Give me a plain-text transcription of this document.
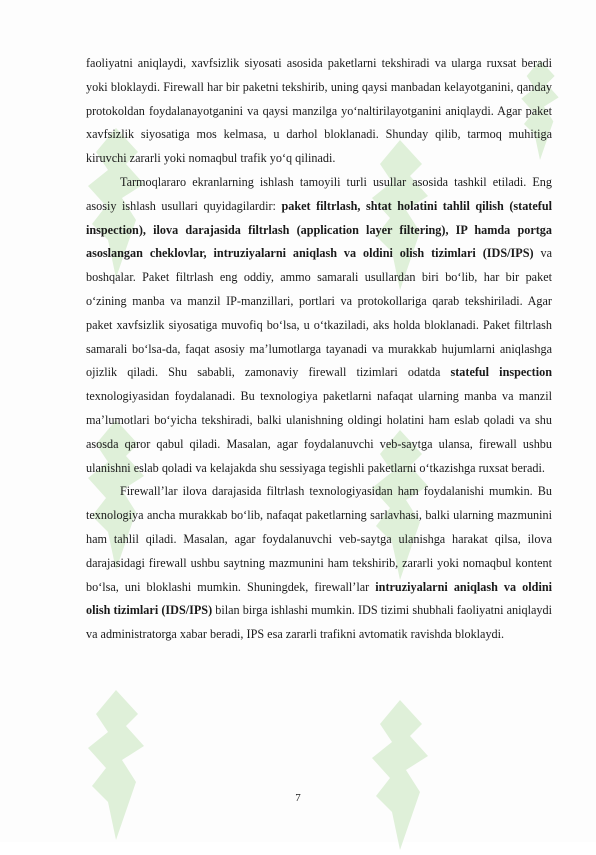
faoliyatni aniqlaydi, xavfsizlik siyosati asosida paketlarni tekshiradi va ularga ruxsat beradi yoki bloklaydi. Firewall har bir paketni tekshirib, uning qaysi manbadan kelayotganini, qanday protokoldan foydalanayotganini va qaysi manzilga yo‘naltirilayotganini aniqlaydi. Agar paket xavfsizlik siyosatiga mos kelmasa, u darhol bloklanadi. Shunday qilib, tarmoq muhitiga kiruvchi zararli yoki nomaqbul trafik yo‘q qilinadi.

Tarmoqlararo ekranlarning ishlash tamoyili turli usullar asosida tashkil etiladi. Eng asosiy ishlash usullari quyidagilardir: paket filtrlash, shtat holatini tahlil qilish (stateful inspection), ilova darajasida filtrlash (application layer filtering), IP hamda portga asoslangan cheklovlar, intruziyalarni aniqlash va oldini olish tizimlari (IDS/IPS) va boshqalar. Paket filtrlash eng oddiy, ammo samarali usullardan biri bo‘lib, har bir paket o‘zining manba va manzil IP-manzillari, portlari va protokollariga qarab tekshiriladi. Agar paket xavfsizlik siyosatiga muvofiq bo‘lsa, u o‘tkaziladi, aks holda bloklanadi. Paket filtrlash samarali bo‘lsa-da, faqat asosiy ma’lumotlarga tayanadi va murakkab hujumlarni aniqlashga ojizlik qiladi. Shu sababli, zamonaviy firewall tizimlari odatda stateful inspection texnologiyasidan foydalanadi. Bu texnologiya paketlarni nafaqat ularning manba va manzil ma’lumotlari bo‘yicha tekshiradi, balki ulanishning oldingi holatini ham eslab qoladi va shu asosda qaror qabul qiladi. Masalan, agar foydalanuvchi veb-saytga ulansa, firewall ushbu ulanishni eslab qoladi va kelajakda shu sessiyaga tegishli paketlarni o‘tkazishga ruxsat beradi.

Firewall’lar ilova darajasida filtrlash texnologiyasidan ham foydalanishi mumkin. Bu texnologiya ancha murakkab bo‘lib, nafaqat paketlarning sarlavhasi, balki ularning mazmunini ham tahlil qiladi. Masalan, agar foydalanuvchi veb-saytga ulanishga harakat qilsa, ilova darajasidagi firewall ushbu saytning mazmunini ham tekshirib, zararli yoki nomaqbul kontent bo‘lsa, uni bloklashi mumkin. Shuningdek, firewall’lar intruziyalarni aniqlash va oldini olish tizimlari (IDS/IPS) bilan birga ishlashi mumkin. IDS tizimi shubhali faoliyatni aniqlaydi va administratorga xabar beradi, IPS esa zararli trafikni avtomatik ravishda bloklaydi.

7
